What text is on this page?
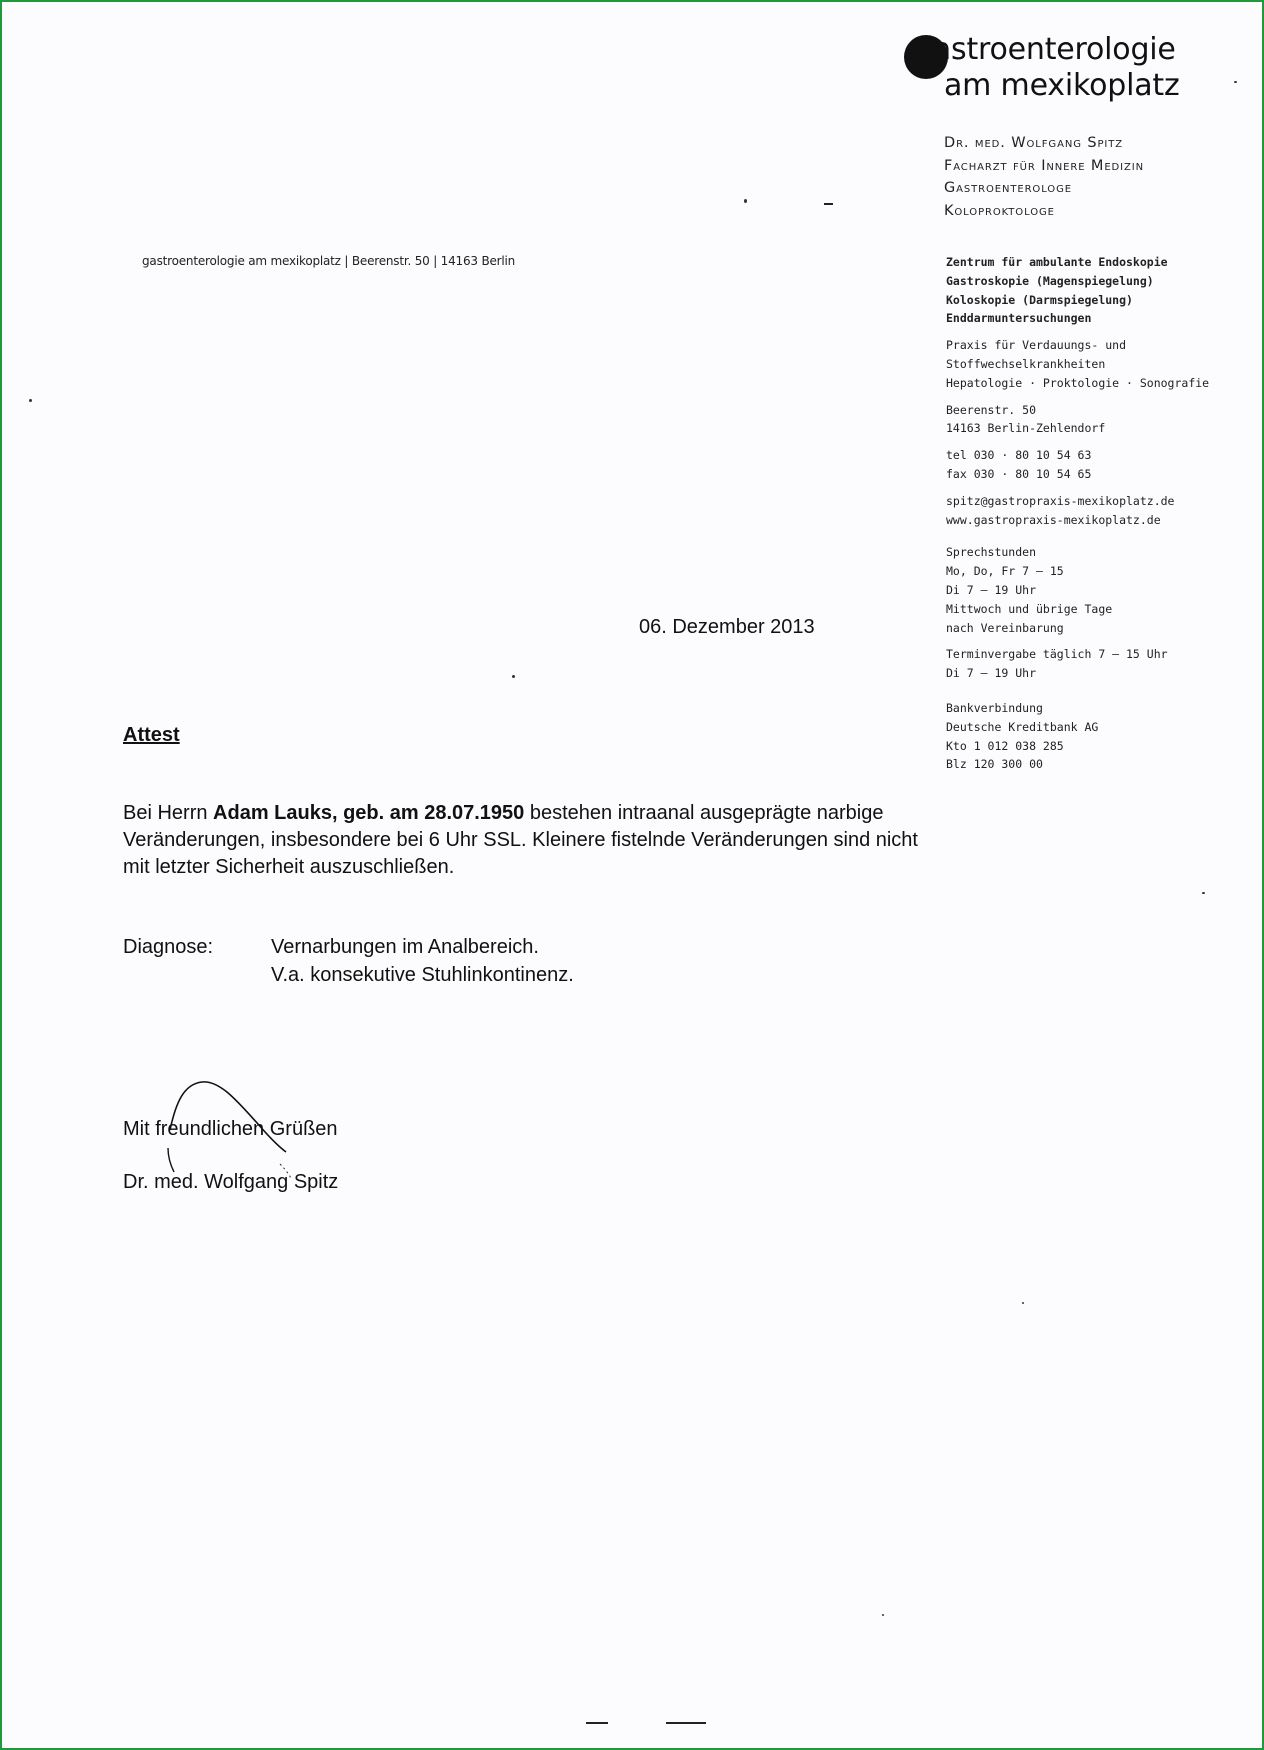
gastroenterologie
am mexikoplatz
Dr. med. Wolfgang Spitz
Facharzt für Innere Medizin
Gastroenterologe
Koloproktologe
gastroenterologie am mexikoplatz | Beerenstr. 50 | 14163 Berlin	Zentrum für ambulante Endoskopie
Gastroskopie (Magenspiegelung)
Koloskopie (Darmspiegelung)
Enddarmuntersuchungen
Praxis für Verdauungs- und
Stoffwechselkrankheiten
Hepatologie · Proktologie · Sonografie
Beerenstr. 50
14163 Berlin-Zehlendorf
tel 030 · 80 10 54 63
fax 030 · 80 10 54 65
spitz@gastropraxis-mexikoplatz.de
www.gastropraxis-mexikoplatz.de
Sprechstunden
Mo, Do, Fr 7 – 15
Di 7 – 19 Uhr
Mittwoch und übrige Tage
nach Vereinbarung
Terminvergabe täglich 7 – 15 Uhr
Di 7 – 19 Uhr
Bankverbindung
Deutsche Kreditbank AG
Kto 1 012 038 285
Blz 120 300 00
06. Dezember 2013
Attest
Bei Herrn Adam Lauks, geb. am 28.07.1950 bestehen intraanal ausgeprägte narbige
Veränderungen, insbesondere bei 6 Uhr SSL. Kleinere fistelnde Veränderungen sind nicht
mit letzter Sicherheit auszuschließen.
Diagnose:	Vernarbungen im Analbereich.
V.a. konsekutive Stuhlinkontinenz.
Mit freundlichen Grüßen
Dr. med. Wolfgang Spitz
